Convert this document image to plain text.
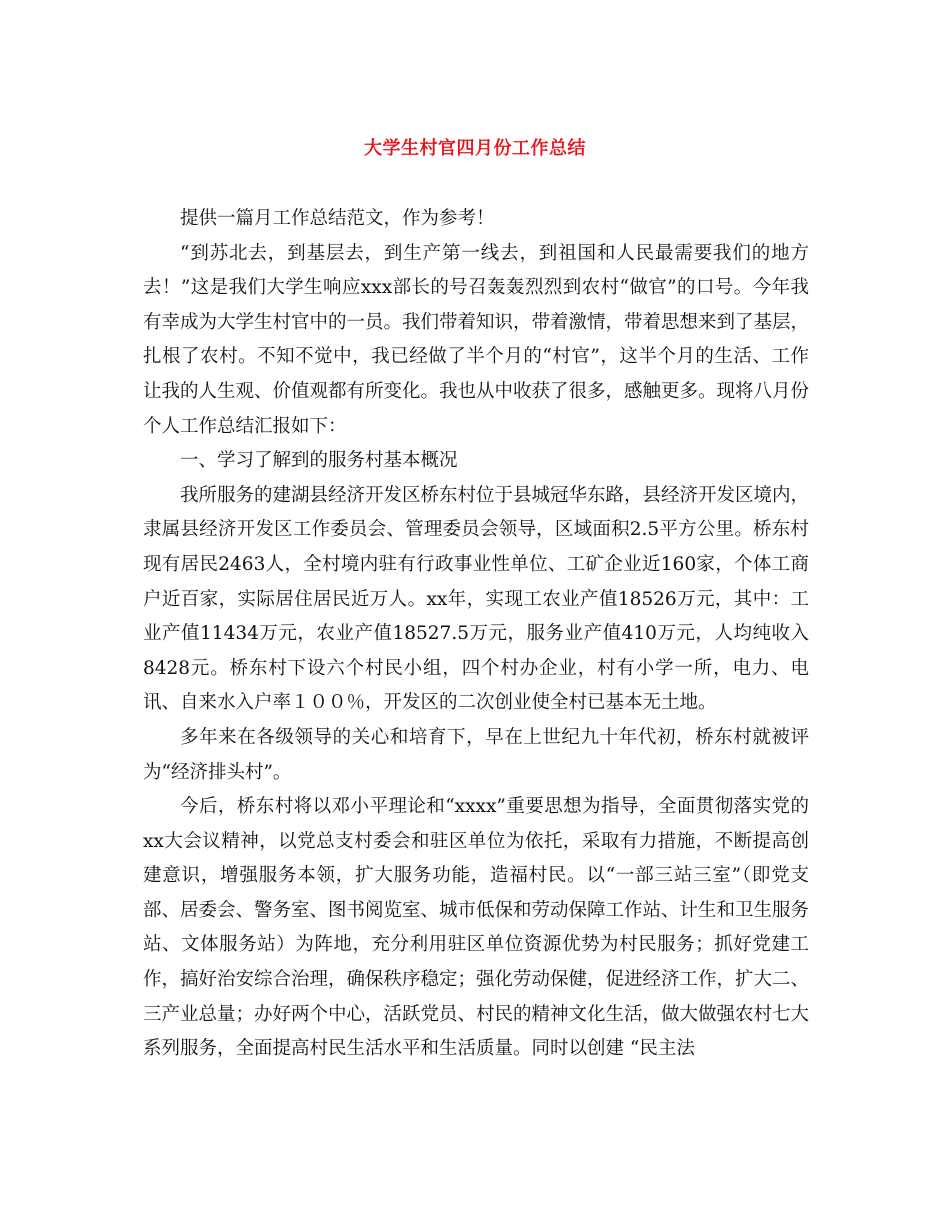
大学生村官四月份工作总结

提供一篇月工作总结范文，作为参考！

“到苏北去，到基层去，到生产第一线去，到祖国和人民最需要我们的地方去！”这是我们大学生响应xxx部长的号召轰轰烈烈到农村“做官”的口号。今年我有幸成为大学生村官中的一员。我们带着知识，带着激情，带着思想来到了基层，扎根了农村。不知不觉中，我已经做了半个月的“村官”，这半个月的生活、工作让我的人生观、价值观都有所变化。我也从中收获了很多，感触更多。现将八月份个人工作总结汇报如下：

一、学习了解到的服务村基本概况

我所服务的建湖县经济开发区桥东村位于县城冠华东路，县经济开发区境内，隶属县经济开发区工作委员会、管理委员会领导，区域面积2.5平方公里。桥东村现有居民2463人，全村境内驻有行政事业性单位、工矿企业近160家，个体工商户近百家，实际居住居民近万人。xx年，实现工农业产值18526万元，其中：工业产值11434万元，农业产值18527.5万元，服务业产值410万元，人均纯收入8428元。桥东村下设六个村民小组，四个村办企业，村有小学一所，电力、电讯、自来水入户率１００％，开发区的二次创业使全村已基本无土地。

多年来在各级领导的关心和培育下，早在上世纪九十年代初，桥东村就被评为“经济排头村”。

今后，桥东村将以邓小平理论和“xxxx”重要思想为指导，全面贯彻落实党的xx大会议精神，以党总支村委会和驻区单位为依托，采取有力措施，不断提高创建意识，增强服务本领，扩大服务功能，造福村民。以“一部三站三室”（即党支部、居委会、警务室、图书阅览室、城市低保和劳动保障工作站、计生和卫生服务站、文体服务站）为阵地，充分利用驻区单位资源优势为村民服务；抓好党建工作，搞好治安综合治理，确保秩序稳定；强化劳动保健，促进经济工作，扩大二、三产业总量；办好两个中心，活跃党员、村民的精神文化生活，做大做强农村七大系列服务，全面提高村民生活水平和生活质量。同时以创建 “民主法
